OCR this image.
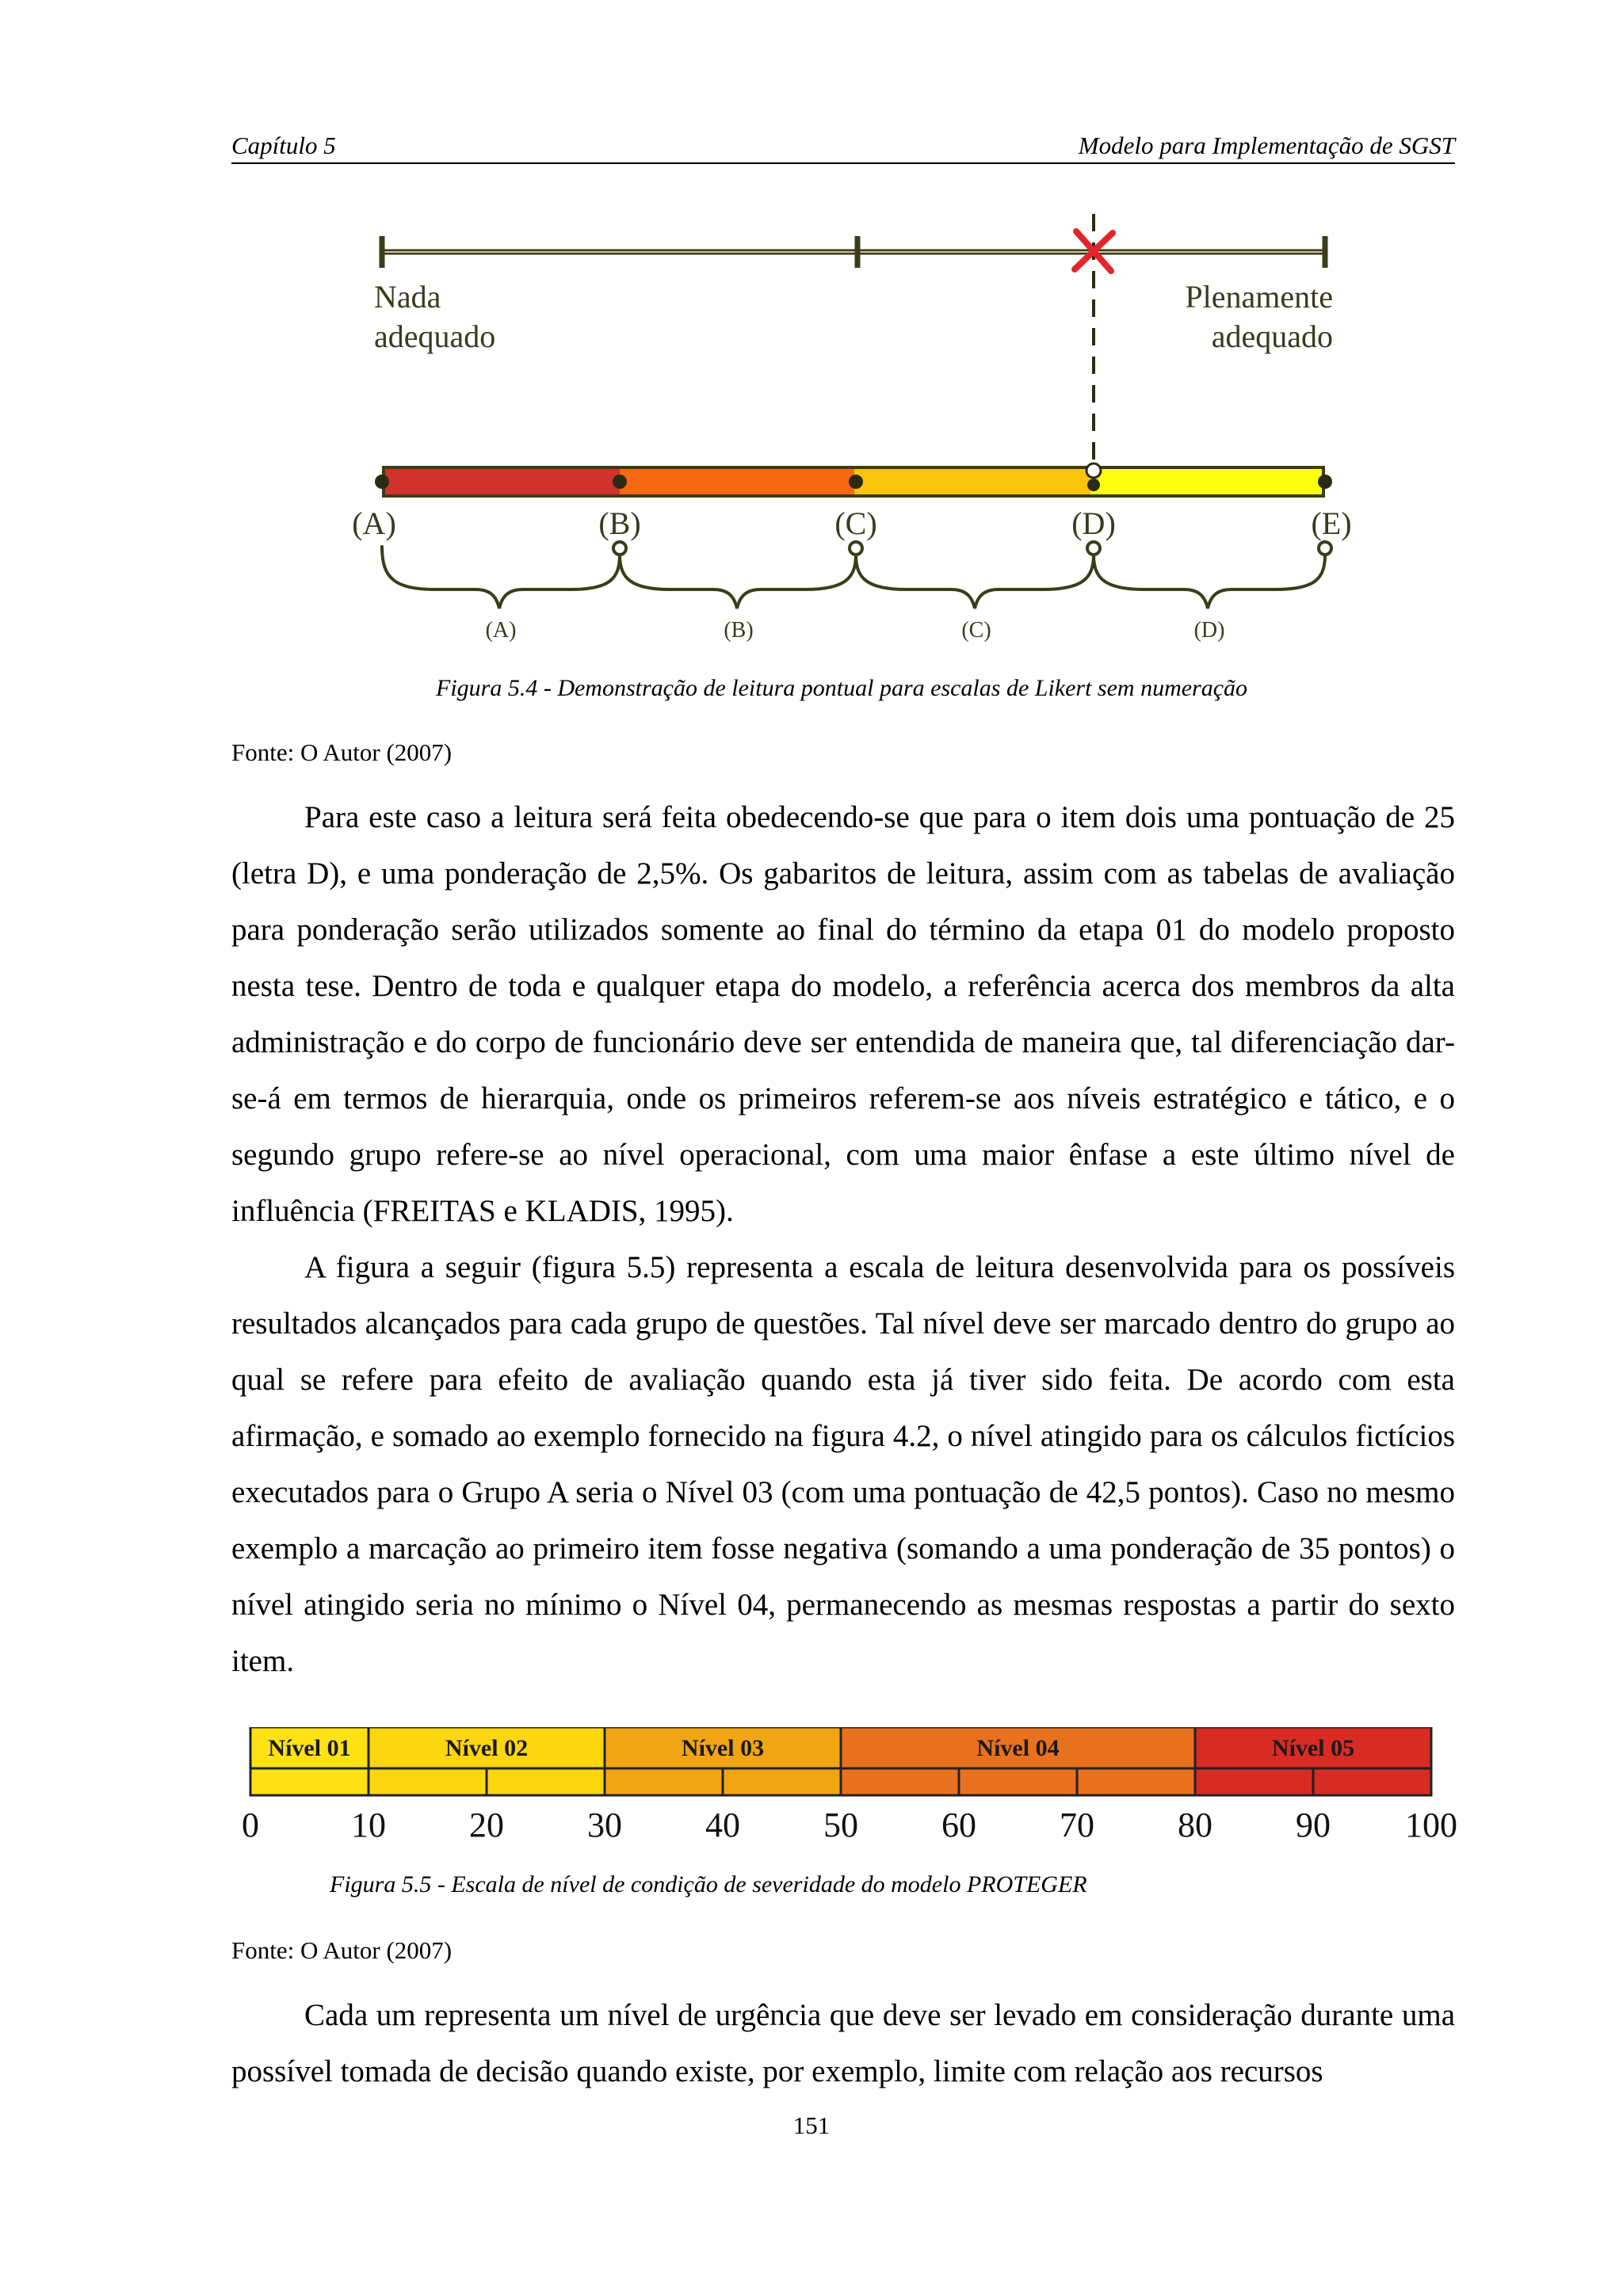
Capítulo 5	Modelo para Implementação de SGST
Nada
adequado
Plenamente
adequado
(A)	(B)	(C)	(D)	(E)
(A)	(B)	(C)	(D)
Figura 5.4 - Demonstração de leitura pontual para escalas de Likert sem numeração
Fonte: O Autor (2007)

Para este caso a leitura será feita obedecendo-se que para o item dois uma pontuação de 25 (letra D), e uma ponderação de 2,5%. Os gabaritos de leitura, assim com as tabelas de avaliação para ponderação serão utilizados somente ao final do término da etapa 01 do modelo proposto nesta tese. Dentro de toda e qualquer etapa do modelo, a referência acerca dos membros da alta administração e do corpo de funcionário deve ser entendida de maneira que, tal diferenciação dar-se-á em termos de hierarquia, onde os primeiros referem-se aos níveis estratégico e tático, e o segundo grupo refere-se ao nível operacional, com uma maior ênfase a este último nível de influência (FREITAS e KLADIS, 1995).

A figura a seguir (figura 5.5) representa a escala de leitura desenvolvida para os possíveis resultados alcançados para cada grupo de questões. Tal nível deve ser marcado dentro do grupo ao qual se refere para efeito de avaliação quando esta já tiver sido feita. De acordo com esta afirmação, e somado ao exemplo fornecido na figura 4.2, o nível atingido para os cálculos fictícios executados para o Grupo A seria o Nível 03 (com uma pontuação de 42,5 pontos). Caso no mesmo exemplo a marcação ao primeiro item fosse negativa (somando a uma ponderação de 35 pontos) o nível atingido seria no mínimo o Nível 04, permanecendo as mesmas respostas a partir do sexto item.

Nível 01	Nível 02	Nível 03	Nível 04	Nível 05
0	10 20 30 40 50 60 70 80 90 100
Figura 5.5 - Escala de nível de condição de severidade do modelo PROTEGER
Fonte: O Autor (2007)

Cada um representa um nível de urgência que deve ser levado em consideração durante uma possível tomada de decisão quando existe, por exemplo, limite com relação aos recursos

151
